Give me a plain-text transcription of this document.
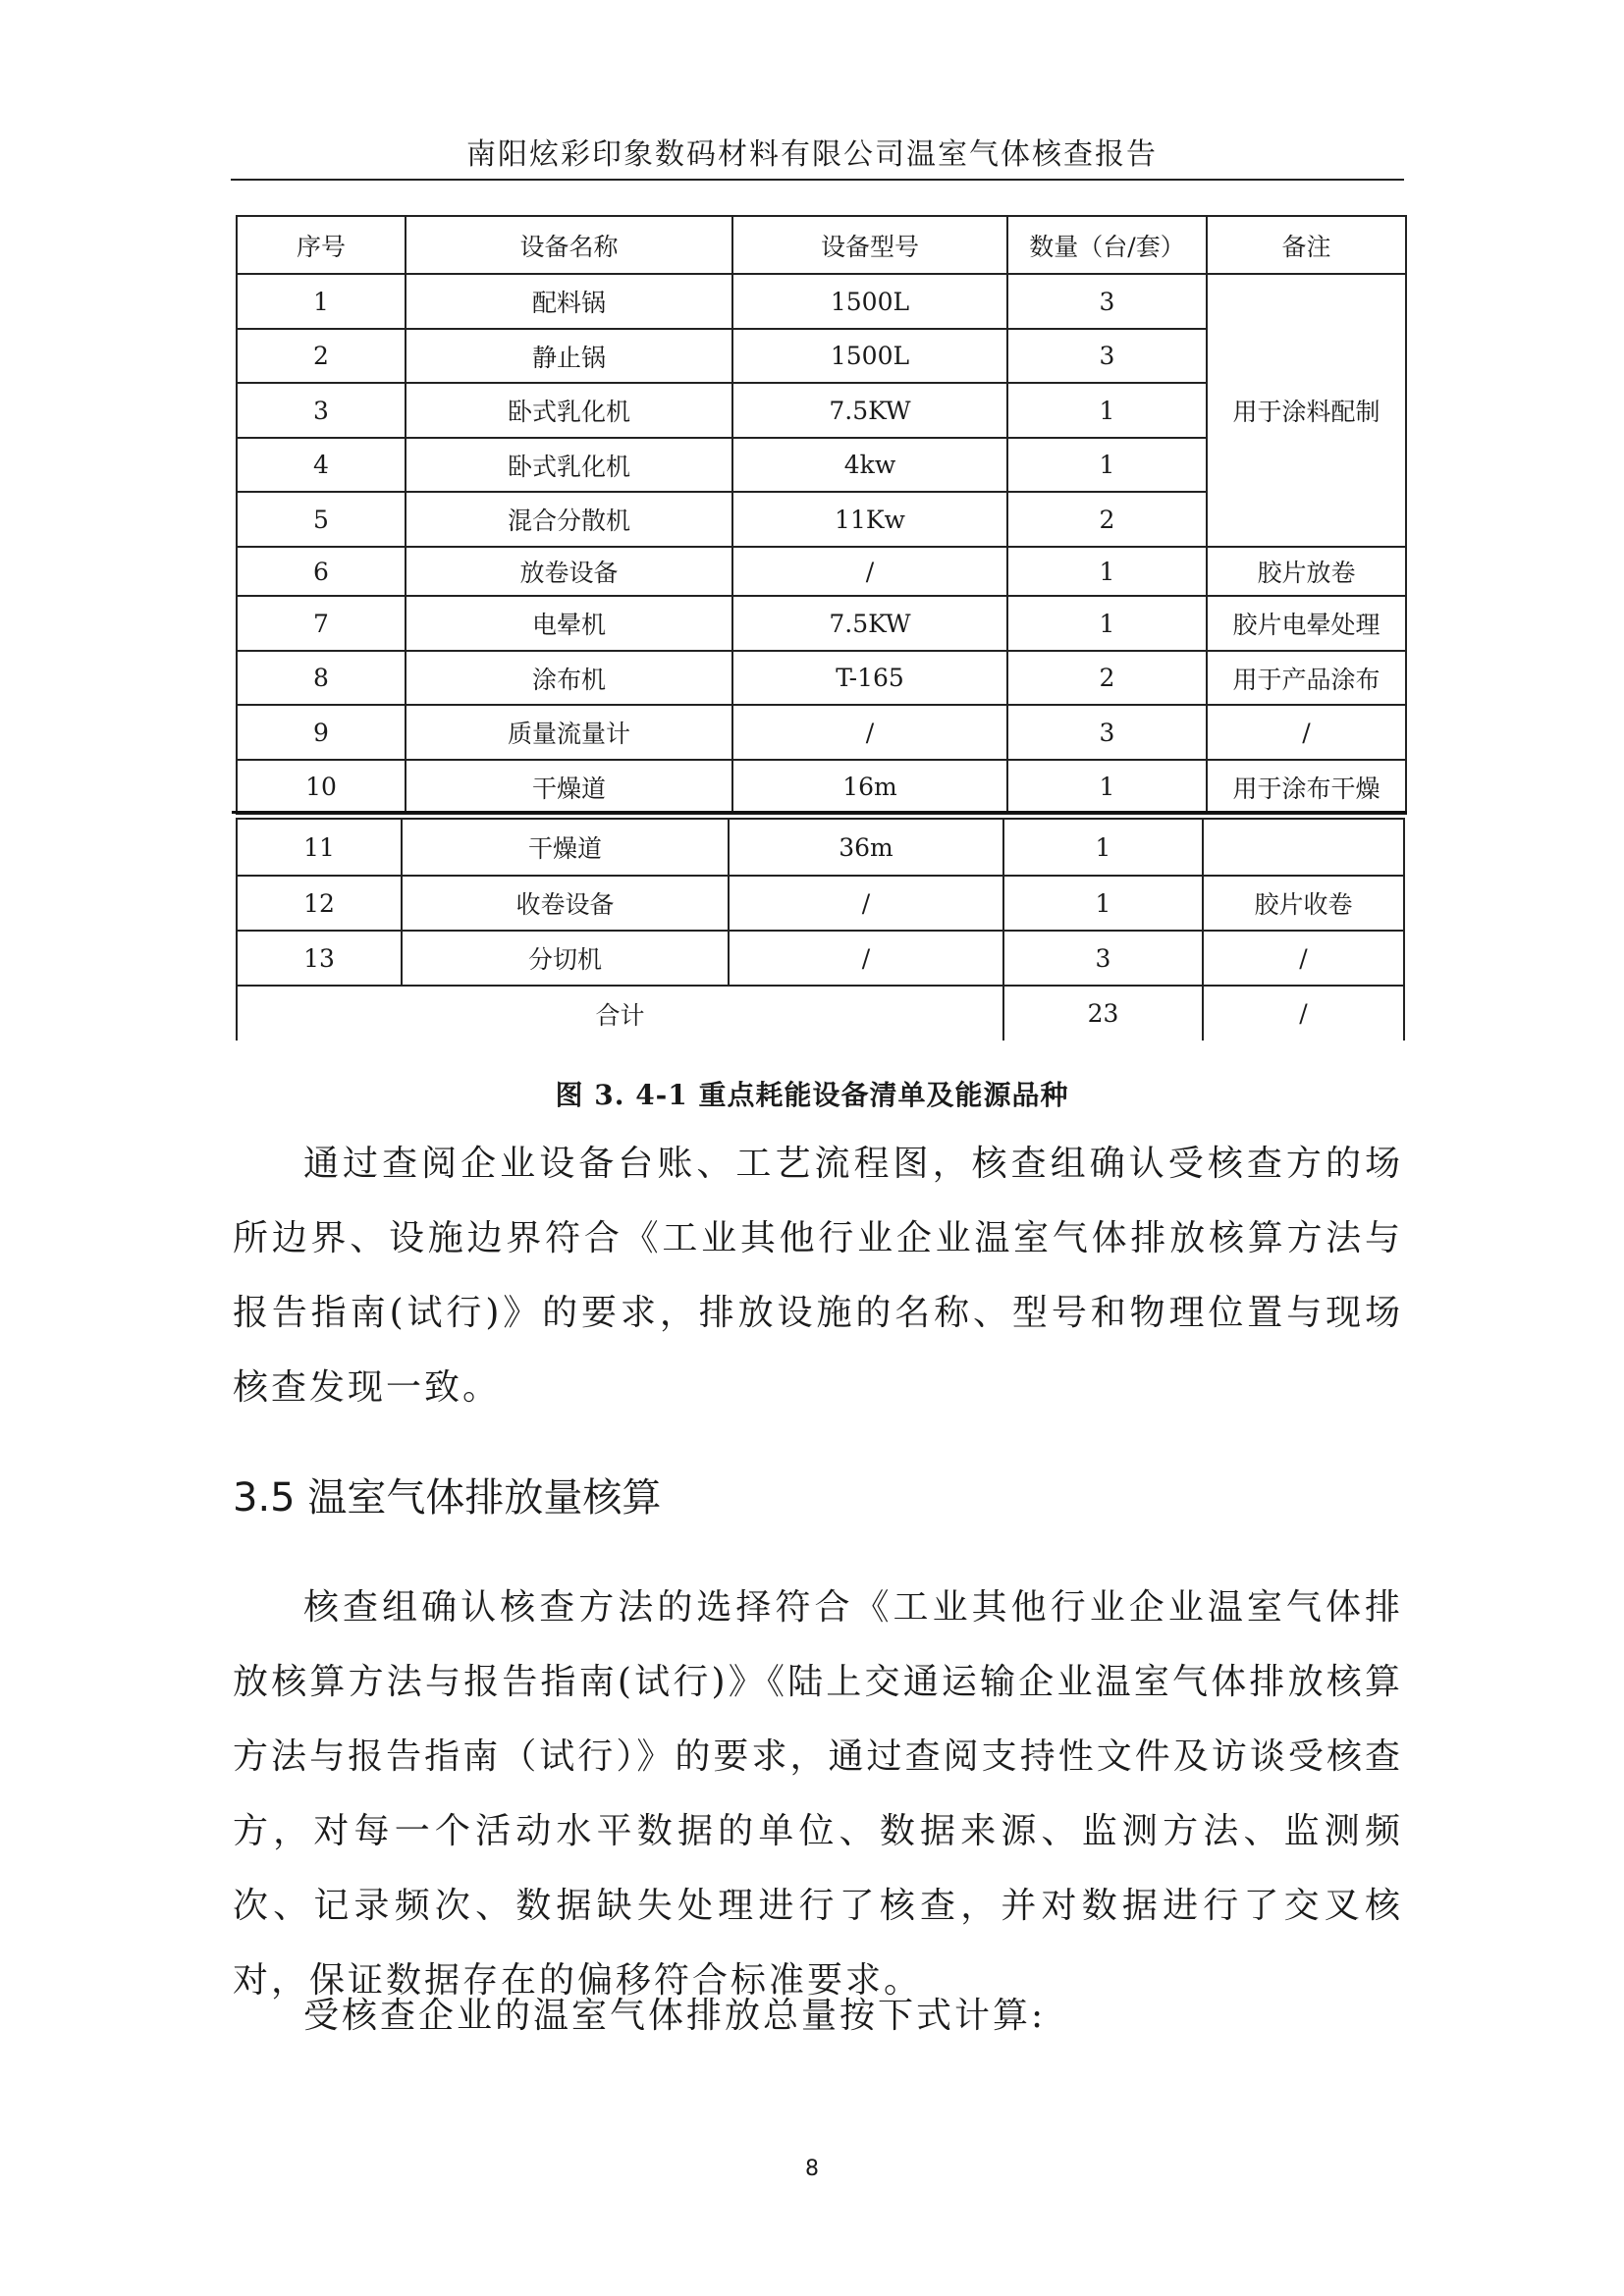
南阳炫彩印象数码材料有限公司温室气体核查报告
序号	设备名称	设备型号	数量（台/套）	备注
1	配料锅	1500L	3	用于涂料配制
2	静止锅	1500L	3	
3	卧式乳化机	7.5KW	1	
4	卧式乳化机	4kw	1	
5	混合分散机	11Kw	2	
6	放卷设备	/	1	胶片放卷
7	电晕机	7.5KW	1	胶片电晕处理
8	涂布机	T-165	2	用于产品涂布
9	质量流量计	/	3	/
10	干燥道	16m	1	用于涂布干燥
11	干燥道	36m	1	
12	收卷设备	/	1	胶片收卷
13	分切机	/	3	/
合计			23	/
图 3. 4-1 重点耗能设备清单及能源品种

通过查阅企业设备台账、工艺流程图，核查组确认受核查方的场所边界、设施边界符合《工业其他行业企业温室气体排放核算方法与报告指南(试行)》的要求，排放设施的名称、型号和物理位置与现场核查发现一致。

3.5 温室气体排放量核算

核查组确认核查方法的选择符合《工业其他行业企业温室气体排放核算方法与报告指南(试行)》《陆上交通运输企业温室气体排放核算方法与报告指南（试行）》的要求，通过查阅支持性文件及访谈受核查方，对每一个活动水平数据的单位、数据来源、监测方法、监测频次、记录频次、数据缺失处理进行了核查，并对数据进行了交叉核对，保证数据存在的偏移符合标准要求。

受核查企业的温室气体排放总量按下式计算:

8
